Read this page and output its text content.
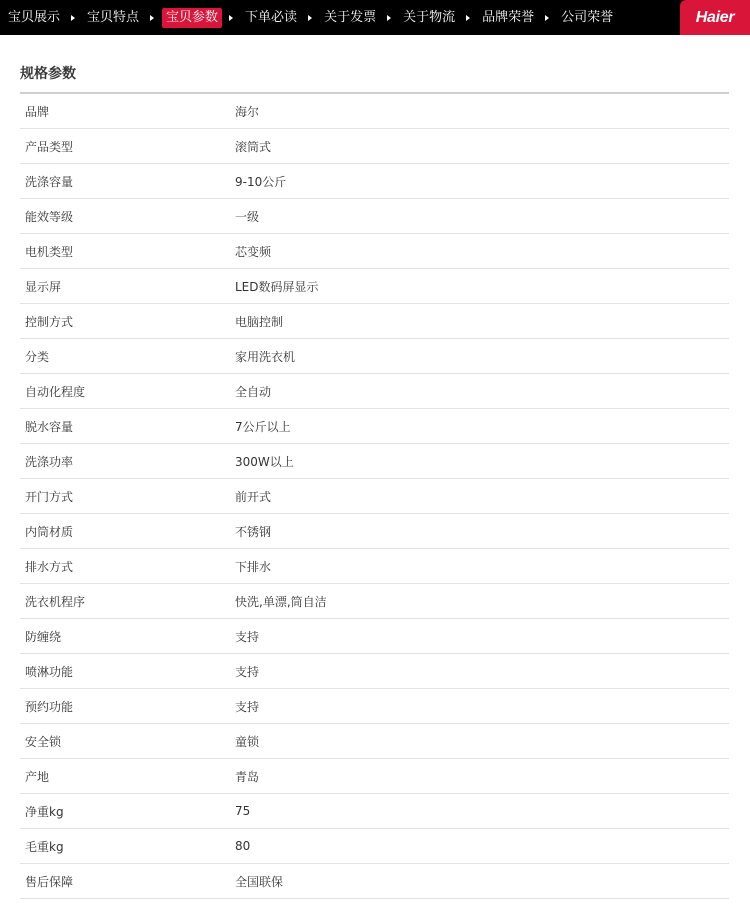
宝贝展示	宝贝特点	宝贝参数	下单必读	关于发票	关于物流	品牌荣誉	公司荣誉	Haier
规格参数
品牌	海尔
产品类型	滚筒式
洗涤容量	9-10公斤
能效等级	一级
电机类型	芯变频
显示屏	LED数码屏显示
控制方式	电脑控制
分类	家用洗衣机
自动化程度	全自动
脱水容量	7公斤以上
洗涤功率	300W以上
开门方式	前开式
内筒材质	不锈钢
排水方式	下排水
洗衣机程序	快洗,单漂,筒自洁
防缠绕	支持
喷淋功能	支持
预约功能	支持
安全锁	童锁
产地	青岛
净重kg	75
毛重kg	80
售后保障	全国联保
